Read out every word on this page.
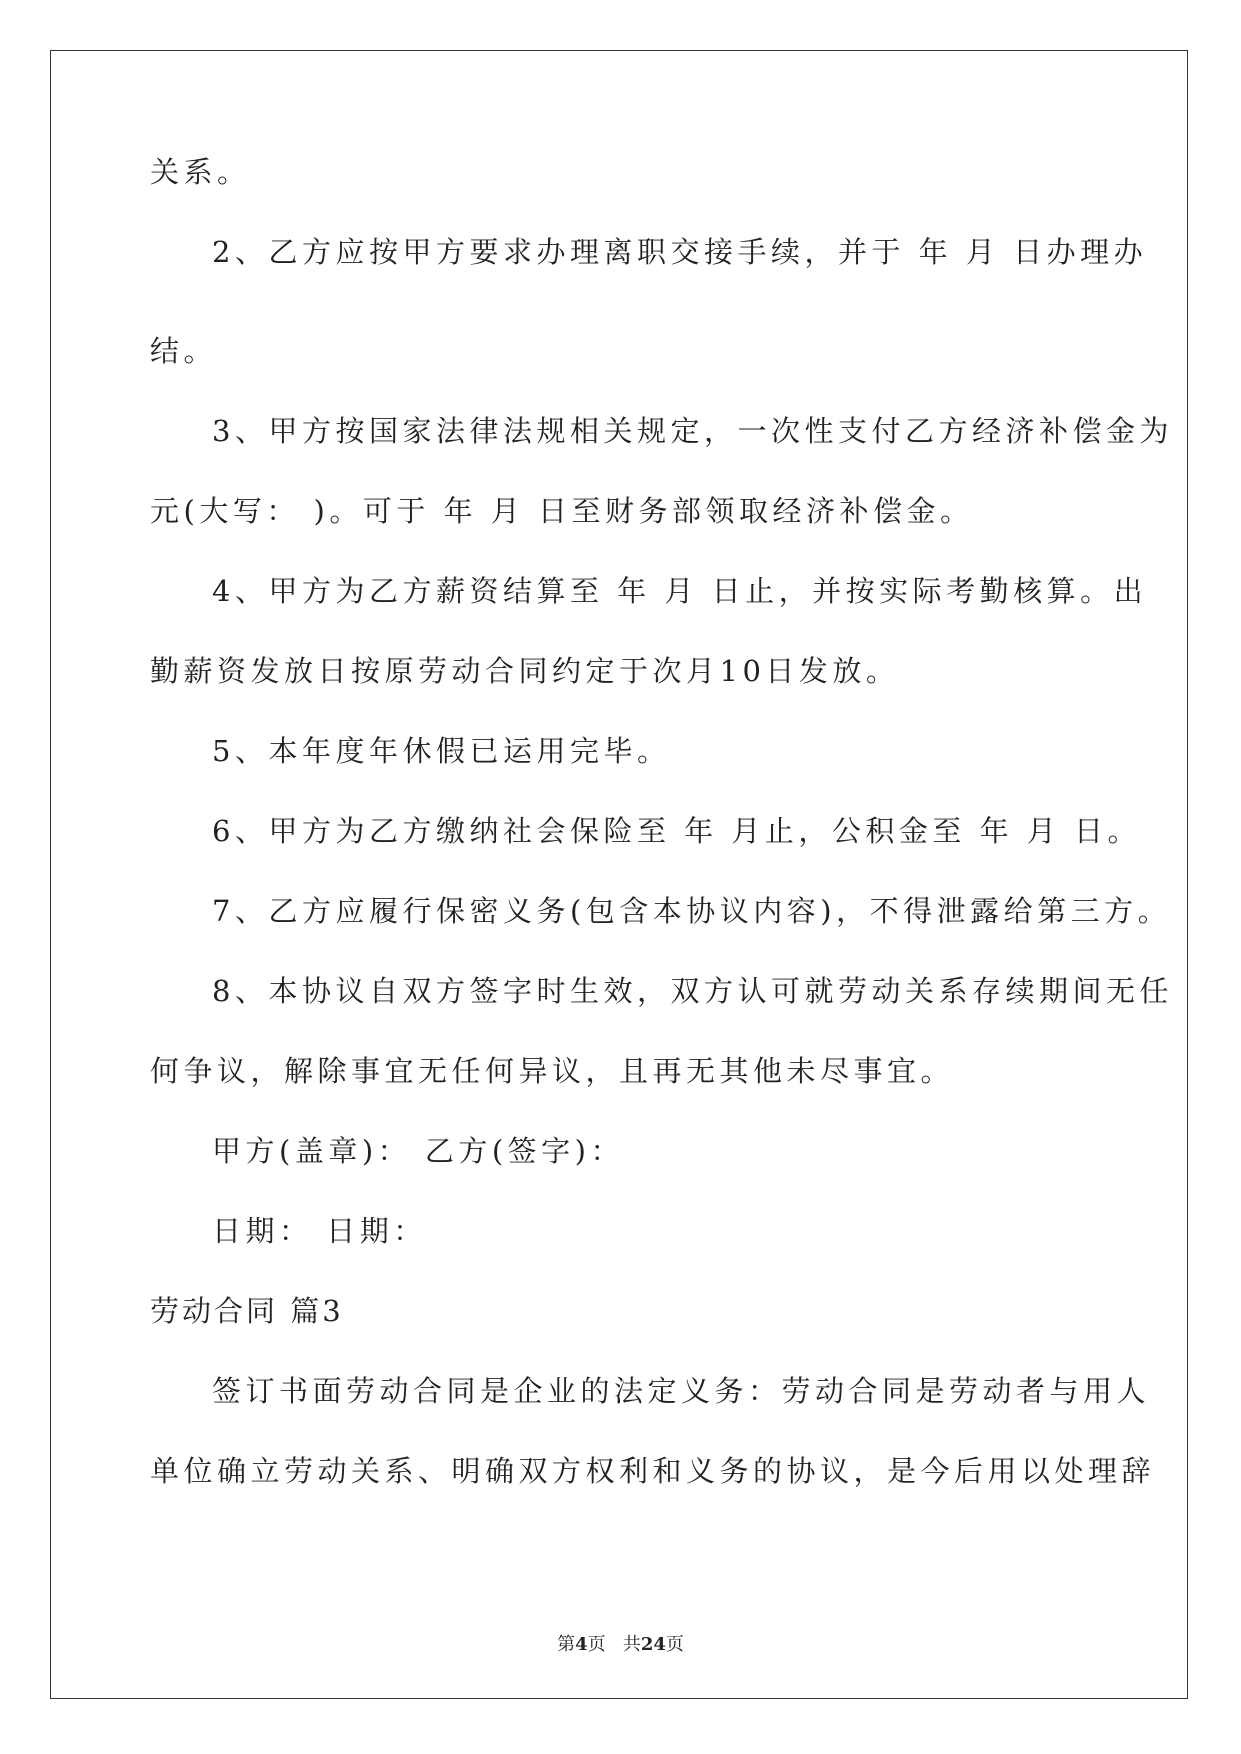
关系。

2、乙方应按甲方要求办理离职交接手续，并于 年 月 日办理办

结。

3、甲方按国家法律法规相关规定，一次性支付乙方经济补偿金为

元(大写： )。可于 年 月 日至财务部领取经济补偿金。

4、甲方为乙方薪资结算至 年 月 日止，并按实际考勤核算。出

勤薪资发放日按原劳动合同约定于次月10日发放。

5、本年度年休假已运用完毕。

6、甲方为乙方缴纳社会保险至 年 月止，公积金至 年 月 日。

7、乙方应履行保密义务(包含本协议内容)，不得泄露给第三方。

8、本协议自双方签字时生效，双方认可就劳动关系存续期间无任

何争议，解除事宜无任何异议，且再无其他未尽事宜。

甲方(盖章)： 乙方(签字)：

日期： 日期：

劳动合同 篇3

签订书面劳动合同是企业的法定义务：劳动合同是劳动者与用人

单位确立劳动关系、明确双方权利和义务的协议，是今后用以处理辞

第4页 共24页
